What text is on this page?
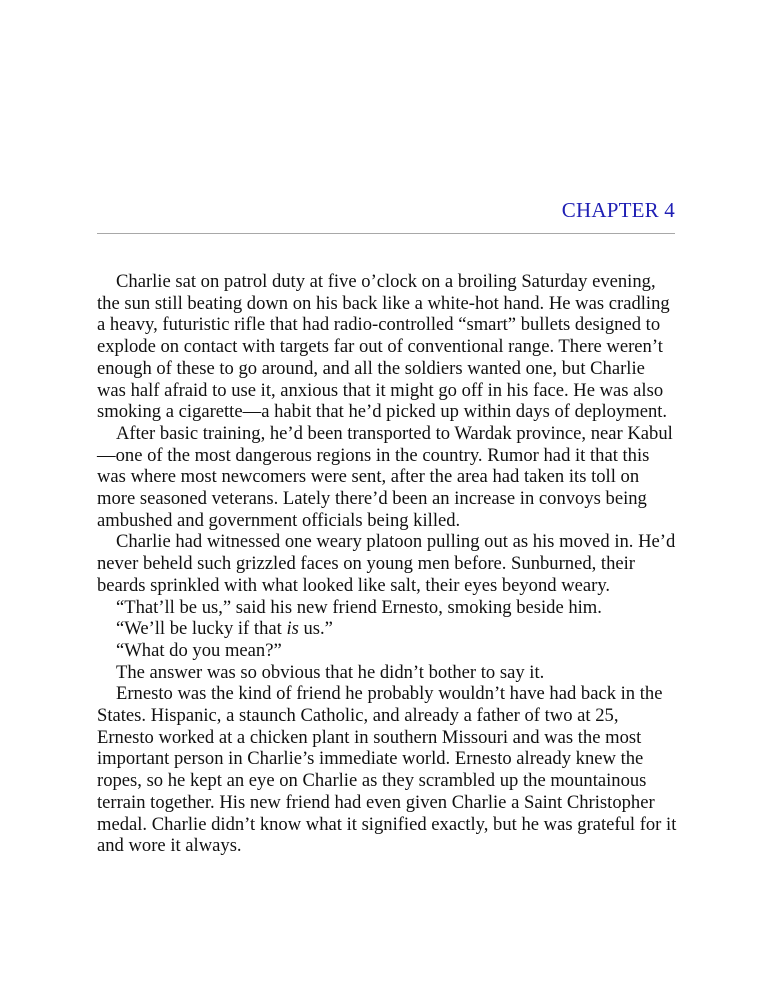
CHAPTER 4

Charlie sat on patrol duty at five o’clock on a broiling Saturday evening, the sun still beating down on his back like a white-hot hand. He was cradling a heavy, futuristic rifle that had radio-controlled “smart” bullets designed to explode on contact with targets far out of conventional range. There weren’t enough of these to go around, and all the soldiers wanted one, but Charlie was half afraid to use it, anxious that it might go off in his face. He was also smoking a cigarette—a habit that he’d picked up within days of deployment.

After basic training, he’d been transported to Wardak province, near Kabul—one of the most dangerous regions in the country. Rumor had it that this was where most newcomers were sent, after the area had taken its toll on more seasoned veterans. Lately there’d been an increase in convoys being ambushed and government officials being killed.

Charlie had witnessed one weary platoon pulling out as his moved in. He’d never beheld such grizzled faces on young men before. Sunburned, their beards sprinkled with what looked like salt, their eyes beyond weary.

“That’ll be us,” said his new friend Ernesto, smoking beside him.

“We’ll be lucky if that is us.”

“What do you mean?”

The answer was so obvious that he didn’t bother to say it.

Ernesto was the kind of friend he probably wouldn’t have had back in the States. Hispanic, a staunch Catholic, and already a father of two at 25, Ernesto worked at a chicken plant in southern Missouri and was the most important person in Charlie’s immediate world. Ernesto already knew the ropes, so he kept an eye on Charlie as they scrambled up the mountainous terrain together. His new friend had even given Charlie a Saint Christopher medal. Charlie didn’t know what it signified exactly, but he was grateful for it and wore it always.
